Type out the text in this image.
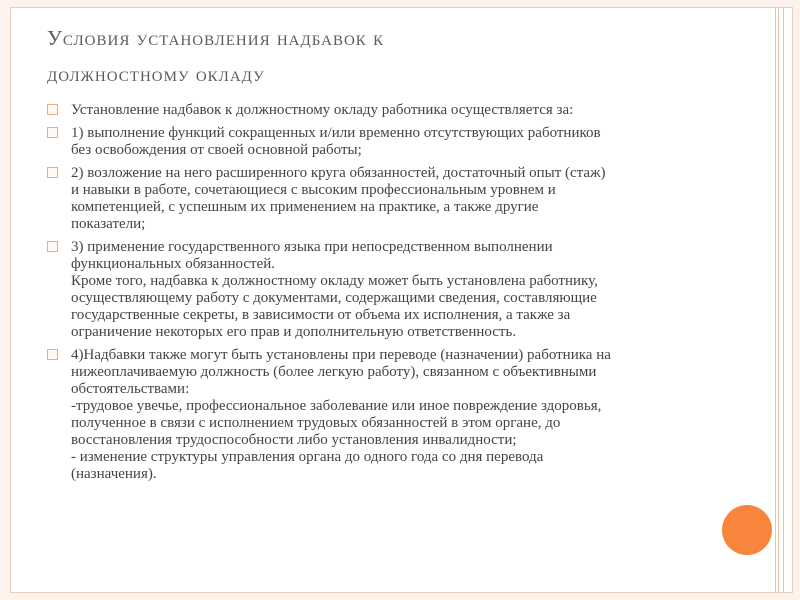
Условия установления надбавок к
должностному окладу
Установление надбавок к должностному окладу работника осуществляется за:
1) выполнение функций сокращенных и/или временно отсутствующих работников
без освобождения от своей основной работы;
2) возложение на него расширенного круга обязанностей, достаточный опыт (стаж)
и навыки в работе, сочетающиеся с высоким профессиональным уровнем и
компетенцией, с успешным их применением на практике, а также другие
показатели;
3) применение государственного языка при непосредственном выполнении
функциональных обязанностей.
Кроме того, надбавка к должностному окладу может быть установлена работнику,
осуществляющему работу с документами, содержащими сведения, составляющие
государственные секреты, в зависимости от объема их исполнения, а также за
ограничение некоторых его прав и дополнительную ответственность.
4)Надбавки также могут быть установлены при переводе (назначении) работника на
нижеоплачиваемую должность (более легкую работу), связанном с объективными
обстоятельствами:
-трудовое увечье, профессиональное заболевание или иное повреждение здоровья,
полученное в связи с исполнением трудовых обязанностей в этом органе, до
восстановления трудоспособности либо установления инвалидности;
- изменение структуры управления органа до одного года со дня перевода
(назначения).
